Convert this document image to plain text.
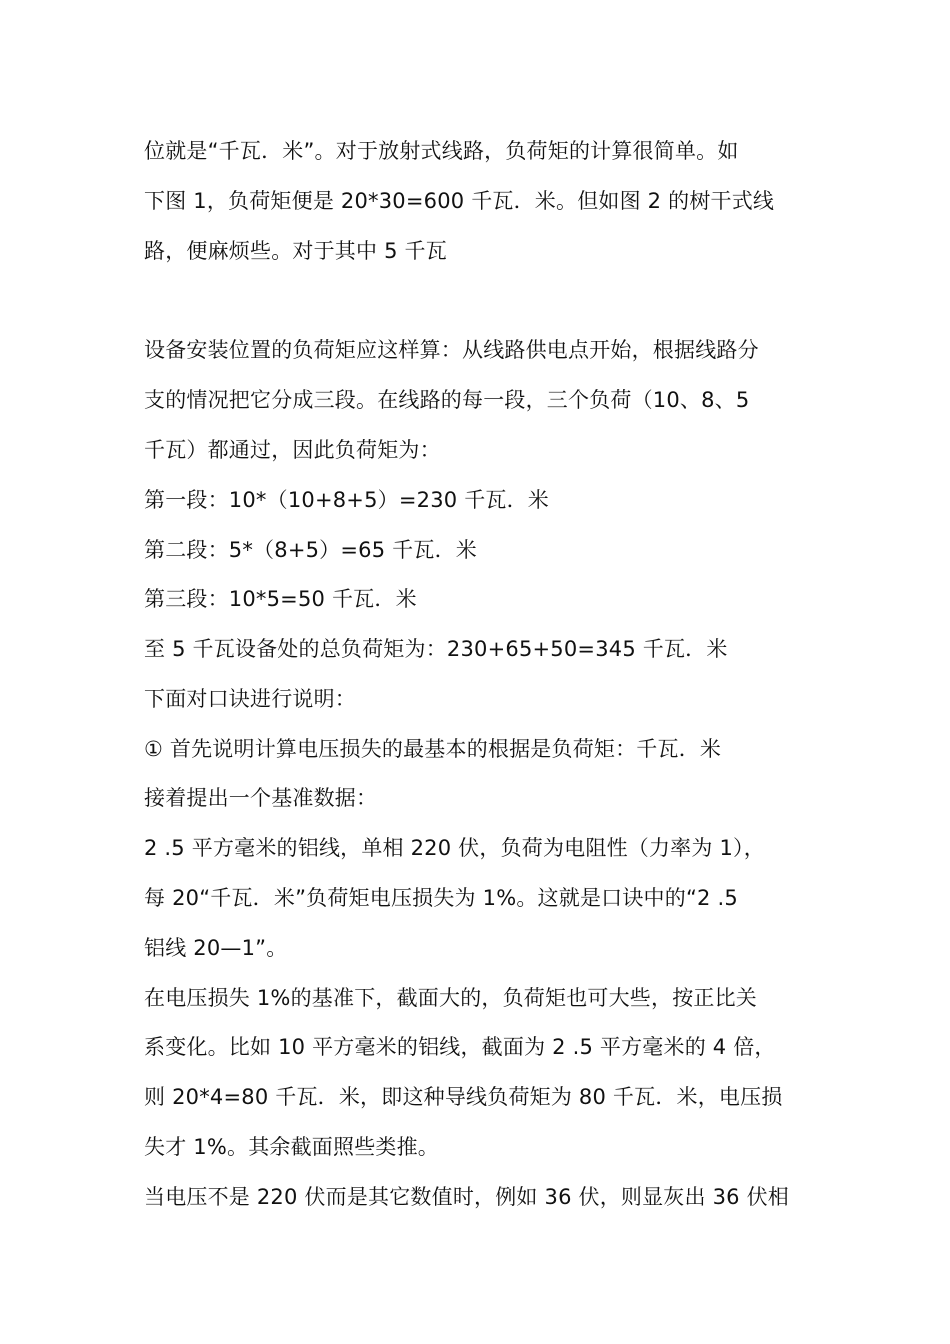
位就是“千瓦．米”。对于放射式线路，负荷矩的计算很简单。如
下图 1，负荷矩便是 20*30=600 千瓦．米。但如图 2 的树干式线
路，便麻烦些。对于其中 5 千瓦
设备安装位置的负荷矩应这样算：从线路供电点开始，根据线路分
支的情况把它分成三段。在线路的每一段，三个负荷（10、8、5
千瓦）都通过，因此负荷矩为：
第一段：10*（10+8+5）=230 千瓦．米
第二段：5*（8+5）=65 千瓦．米
第三段：10*5=50 千瓦．米
至 5 千瓦设备处的总负荷矩为：230+65+50=345 千瓦．米
下面对口诀进行说明：
① 首先说明计算电压损失的最基本的根据是负荷矩：千瓦．米
接着提出一个基准数据：
2 .5 平方毫米的铝线，单相 220 伏，负荷为电阻性（力率为 1），
每 20“千瓦．米”负荷矩电压损失为 1%。这就是口诀中的“2 .5
铝线 20—1”。
在电压损失 1%的基准下，截面大的，负荷矩也可大些，按正比关
系变化。比如 10 平方毫米的铝线，截面为 2 .5 平方毫米的 4 倍，
则 20*4=80 千瓦．米，即这种导线负荷矩为 80 千瓦．米，电压损
失才 1%。其余截面照些类推。
当电压不是 220 伏而是其它数值时，例如 36 伏，则显灰出 36 伏相
